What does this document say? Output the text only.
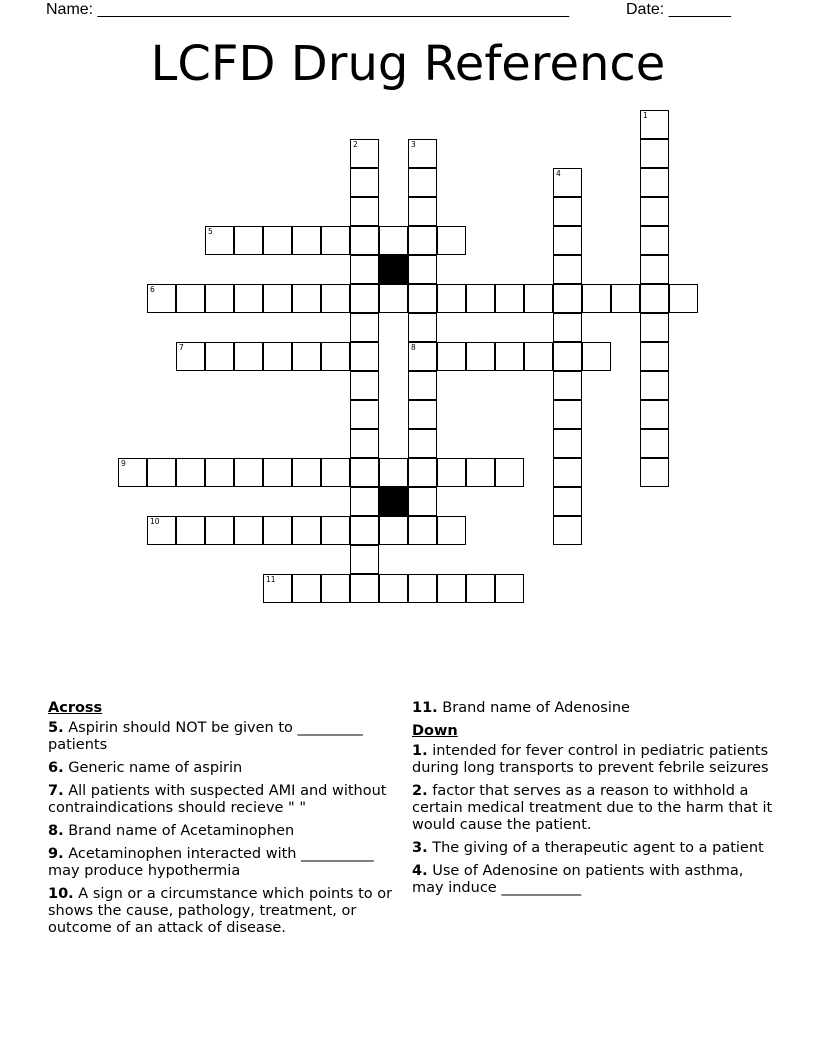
Name: _____________________________________________________	Date: _______
LCFD Drug Reference
1
2	3
8
4
5
6
7
9
10
11
Across
5. Aspirin should NOT be given to _________ patients
6. Generic name of aspirin
7. All patients with suspected AMI and without contraindications should recieve " "
8. Brand name of Acetaminophen
9. Acetaminophen interacted with __________ may produce hypothermia
10. A sign or a circumstance which points to or shows the cause, pathology, treatment, or outcome of an attack of disease.
11. Brand name of Adenosine
Down
1. intended for fever control in pediatric patients during long transports to prevent febrile seizures
2. factor that serves as a reason to withhold a certain medical treatment due to the harm that it would cause the patient.
3. The giving of a therapeutic agent to a patient
4. Use of Adenosine on patients with asthma, may induce ___________
